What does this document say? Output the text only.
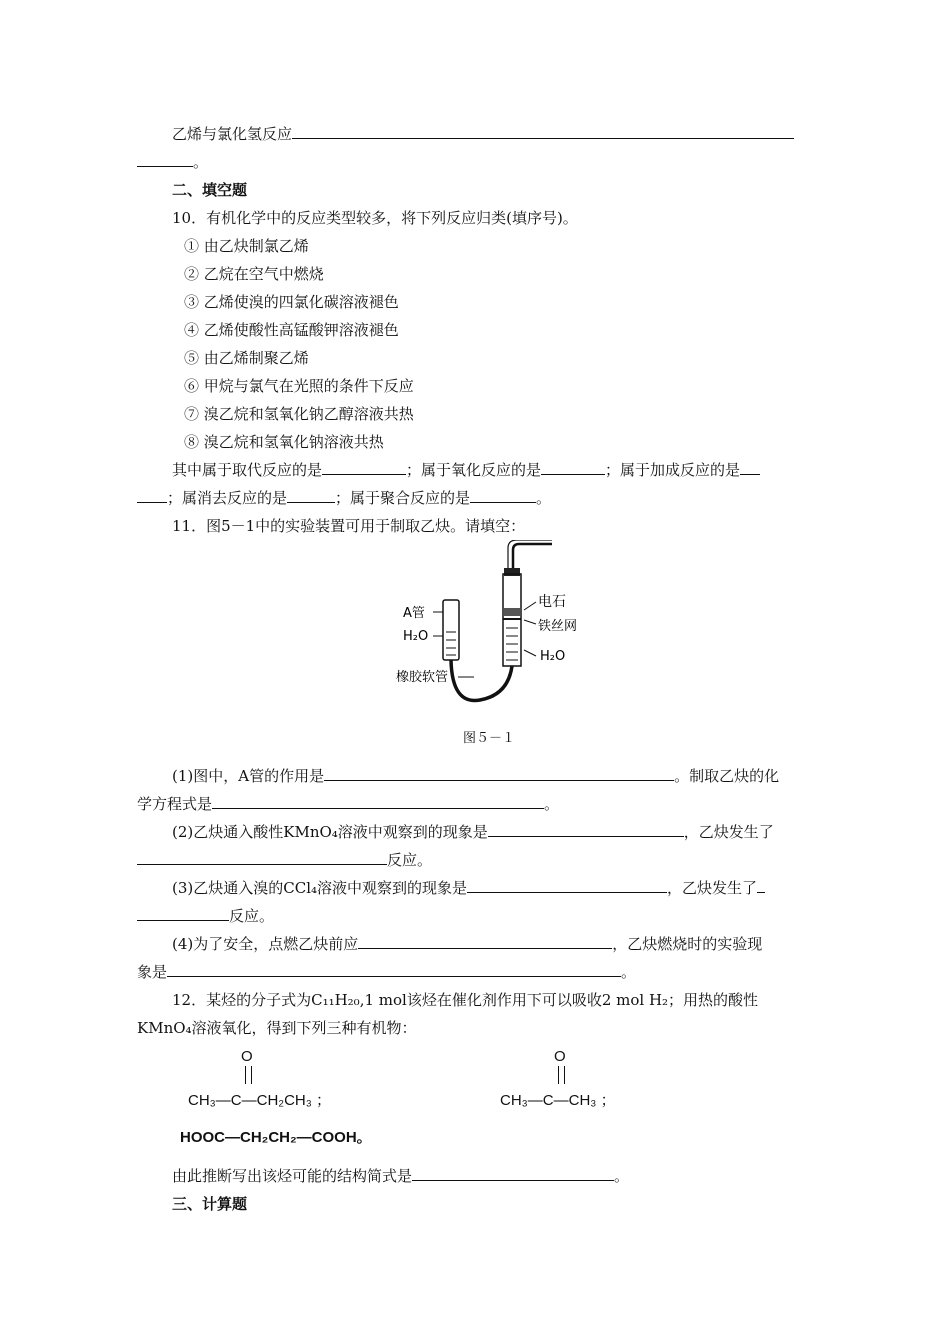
乙烯与氯化氢反应
。
二、填空题
10．有机化学中的反应类型较多，将下列反应归类(填序号)。
① 由乙炔制氯乙烯
② 乙烷在空气中燃烧
③ 乙烯使溴的四氯化碳溶液褪色
④ 乙烯使酸性高锰酸钾溶液褪色
⑤ 由乙烯制聚乙烯
⑥ 甲烷与氯气在光照的条件下反应
⑦ 溴乙烷和氢氧化钠乙醇溶液共热
⑧ 溴乙烷和氢氧化钠溶液共热
其中属于取代反应的是	；属于氧化反应的是	；属于加成反应的是
；属消去反应的是	；属于聚合反应的是	。
11．图5－1中的实验装置可用于制取乙炔。请填空：
电石
铁丝网
H₂O
A管
H₂O
橡胶软管
图５－１
(1)图中，A管的作用是	。制取乙炔的化
学方程式是	。
(2)乙炔通入酸性KMnO₄溶液中观察到的现象是	，乙炔发生了
反应。
(3)乙炔通入溴的CCl₄溶液中观察到的现象是	，乙炔发生了
反应。
(4)为了安全，点燃乙炔前应	，乙炔燃烧时的实验现
象是	。
12．某烃的分子式为C₁₁H₂₀,1 mol该烃在催化剂作用下可以吸收2 mol H₂；用热的酸性
KMnO₄溶液氧化，得到下列三种有机物：
O
CH₃—C—CH₂CH₃ ；
O
CH₃—C—CH₃ ；
HOOC—CH₂CH₂—COOH。
由此推断写出该烃可能的结构简式是	。
三、计算题
